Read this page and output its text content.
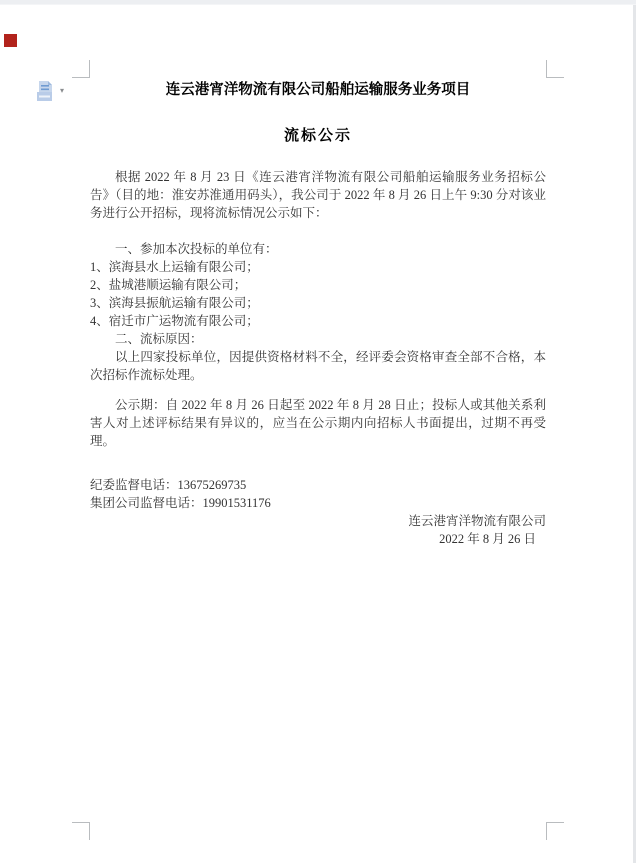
▾	连云港宵洋物流有限公司船舶运输服务业务项目
流标公示

根据 2022 年 8 月 23 日《连云港宵洋物流有限公司船舶运输服务业务招标公告》（目的地：淮安苏淮通用码头），我公司于 2022 年 8 月 26 日上午 9:30 分对该业务进行公开招标，现将流标情况公示如下：

一、参加本次投标的单位有：

1、滨海县水上运输有限公司；

2、盐城港顺运输有限公司；

3、滨海县振航运输有限公司；

4、宿迁市广运物流有限公司；

二、流标原因：

以上四家投标单位，因提供资格材料不全，经评委会资格审查全部不合格，本次招标作流标处理。

公示期：自 2022 年 8 月 26 日起至 2022 年 8 月 28 日止；投标人或其他关系利害人对上述评标结果有异议的，应当在公示期内向招标人书面提出，过期不再受理。

纪委监督电话：13675269735

集团公司监督电话：19901531176

连云港宵洋物流有限公司

2022 年 8 月 26 日
